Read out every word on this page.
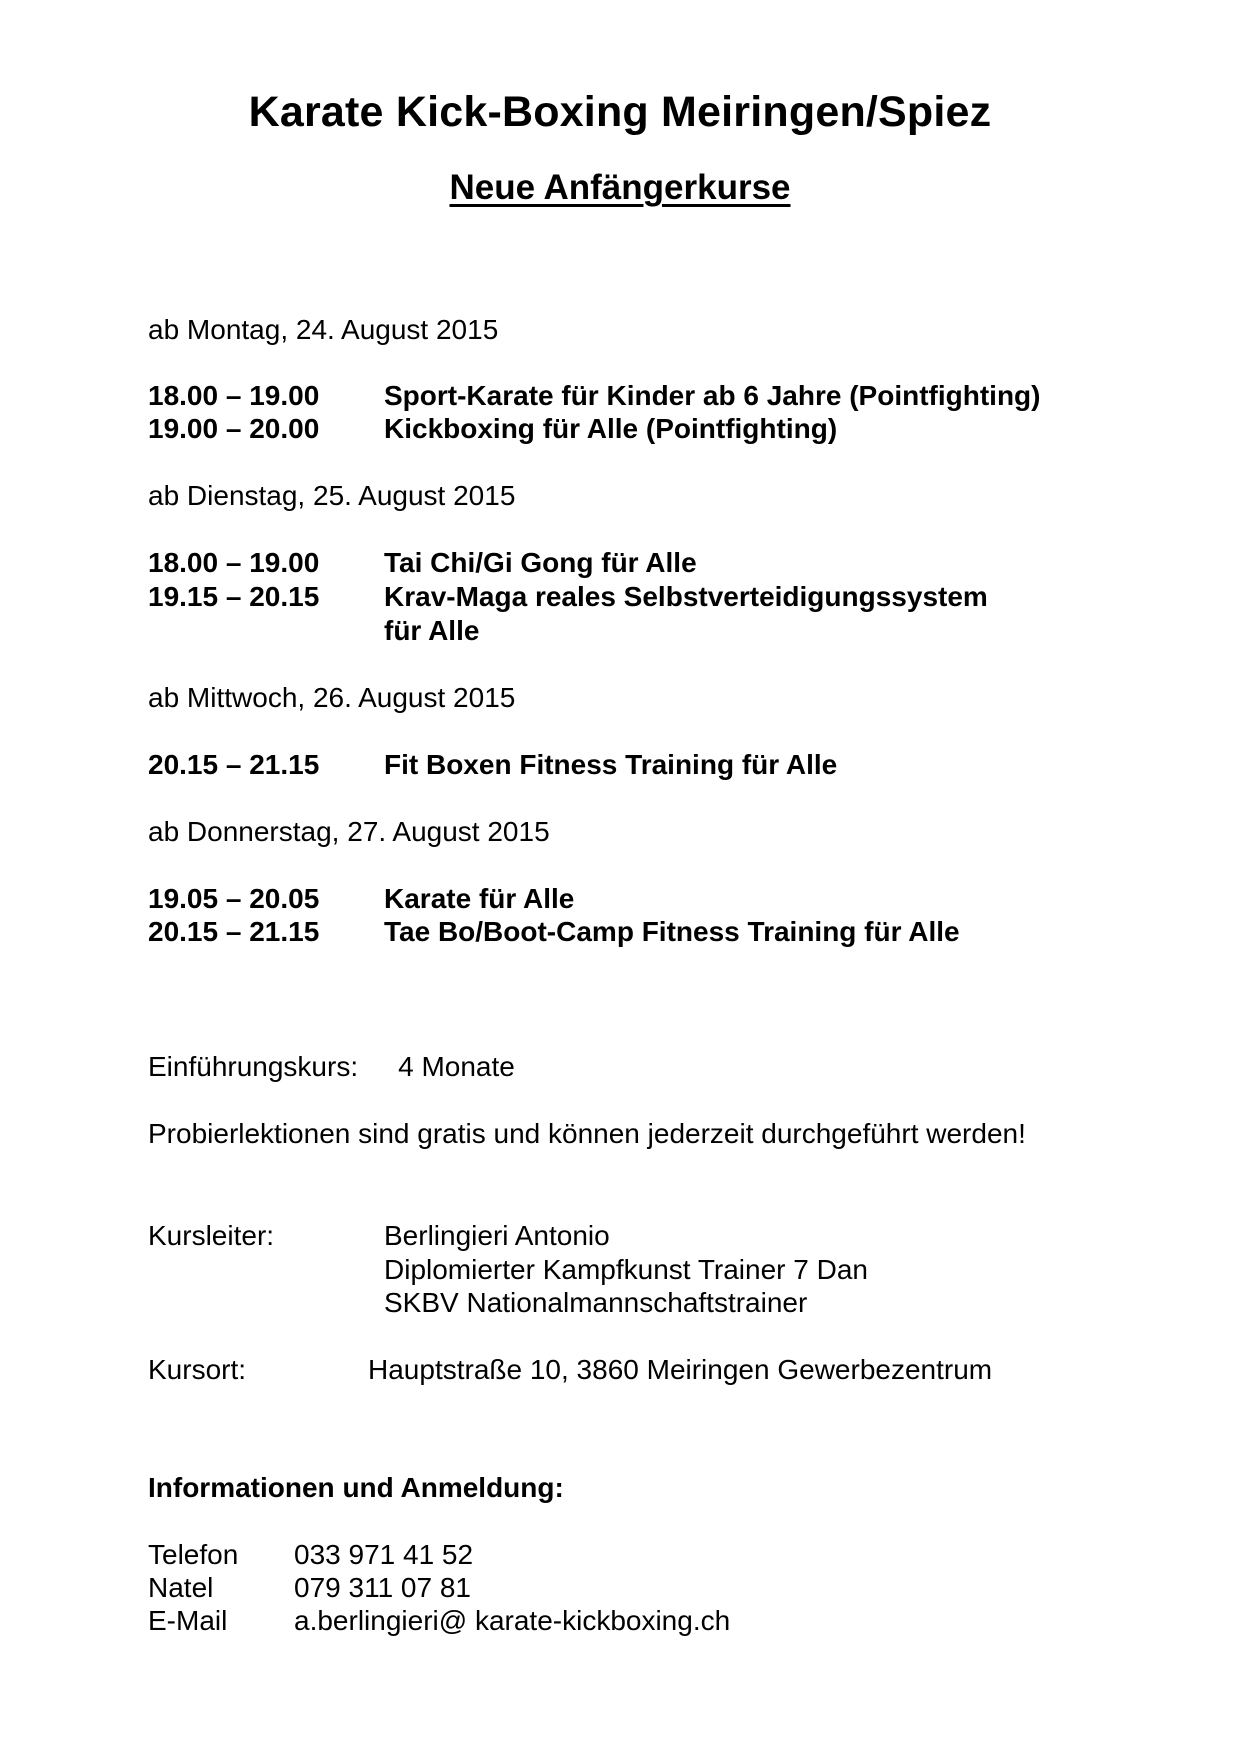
Karate Kick-Boxing Meiringen/Spiez
Neue Anfängerkurse
ab Montag, 24. August 2015
18.00 – 19.00 Sport-Karate für Kinder ab 6 Jahre (Pointfighting)
19.00 – 20.00 Kickboxing für Alle (Pointfighting)
ab Dienstag, 25. August 2015
18.00 – 19.00 Tai Chi/Gi Gong für Alle
19.15 – 20.15 Krav-Maga reales Selbstverteidigungssystem
für Alle
ab Mittwoch, 26. August 2015
20.15 – 21.15 Fit Boxen Fitness Training für Alle
ab Donnerstag, 27. August 2015
19.05 – 20.05 Karate für Alle
20.15 – 21.15 Tae Bo/Boot-Camp Fitness Training für Alle
Einführungskurs: 4 Monate
Probierlektionen sind gratis und können jederzeit durchgeführt werden!
Kursleiter:	Berlingieri Antonio
Diplomierter Kampfkunst Trainer 7 Dan
SKBV Nationalmannschaftstrainer
Kursort:	Hauptstraße 10, 3860 Meiringen Gewerbezentrum
Informationen und Anmeldung:
Telefon 033 971 41 52
Natel	079 311 07 81
E-Mail a.berlingieri@ karate-kickboxing.ch
